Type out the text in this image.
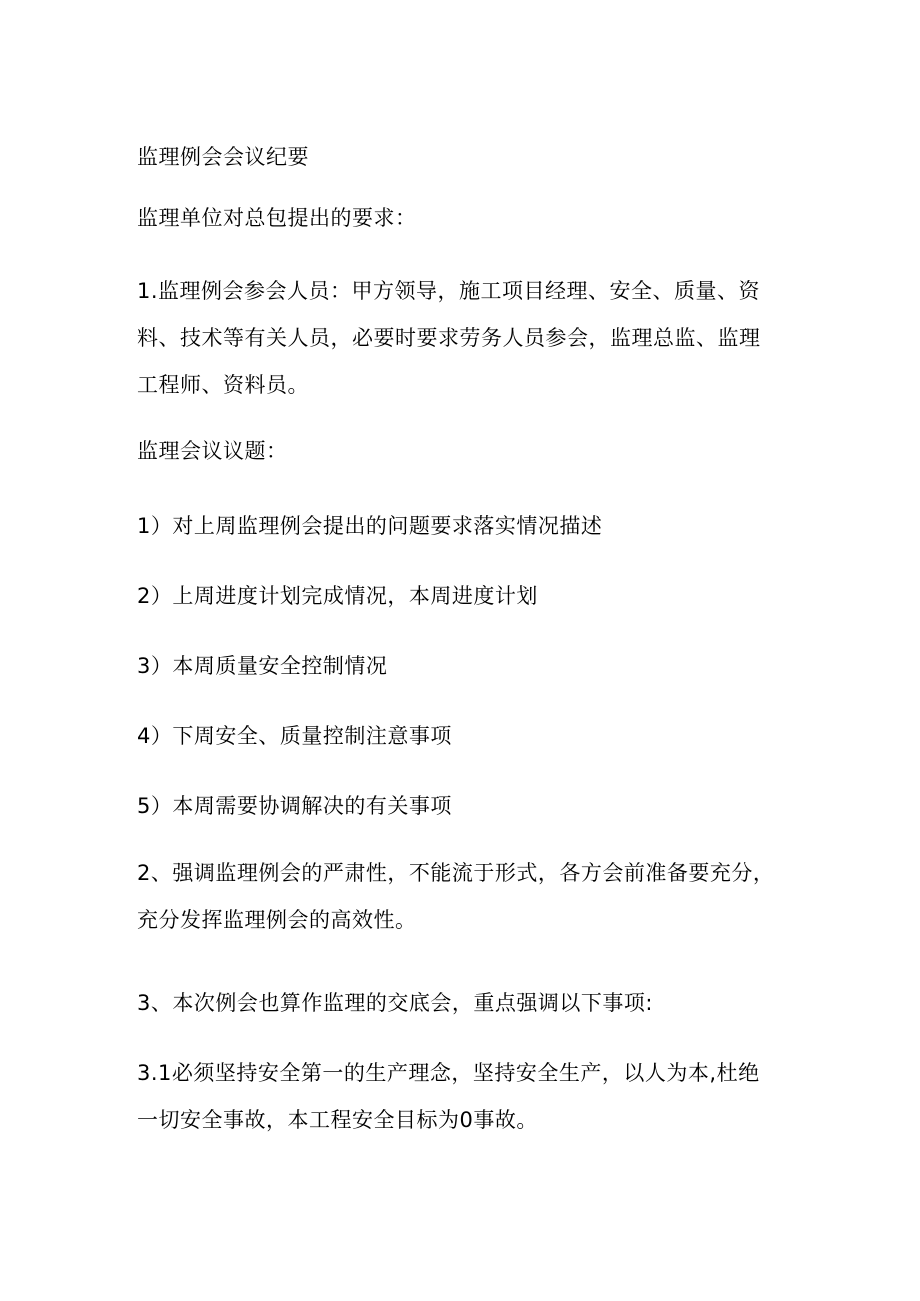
监理例会会议纪要

监理单位对总包提出的要求：

1.监理例会参会人员：甲方领导，施工项目经理、安全、质量、资
料、技术等有关人员，必要时要求劳务人员参会，监理总监、监理
工程师、资料员。

监理会议议题：

1）对上周监理例会提出的问题要求落实情况描述

2）上周进度计划完成情况，本周进度计划

3）本周质量安全控制情况

4）下周安全、质量控制注意事项

5）本周需要协调解决的有关事项

2、强调监理例会的严肃性，不能流于形式，各方会前准备要充分，
充分发挥监理例会的高效性。

3、本次例会也算作监理的交底会，重点强调以下事项:

3.1必须坚持安全第一的生产理念，坚持安全生产，以人为本,杜绝
一切安全事故，本工程安全目标为0事故。
